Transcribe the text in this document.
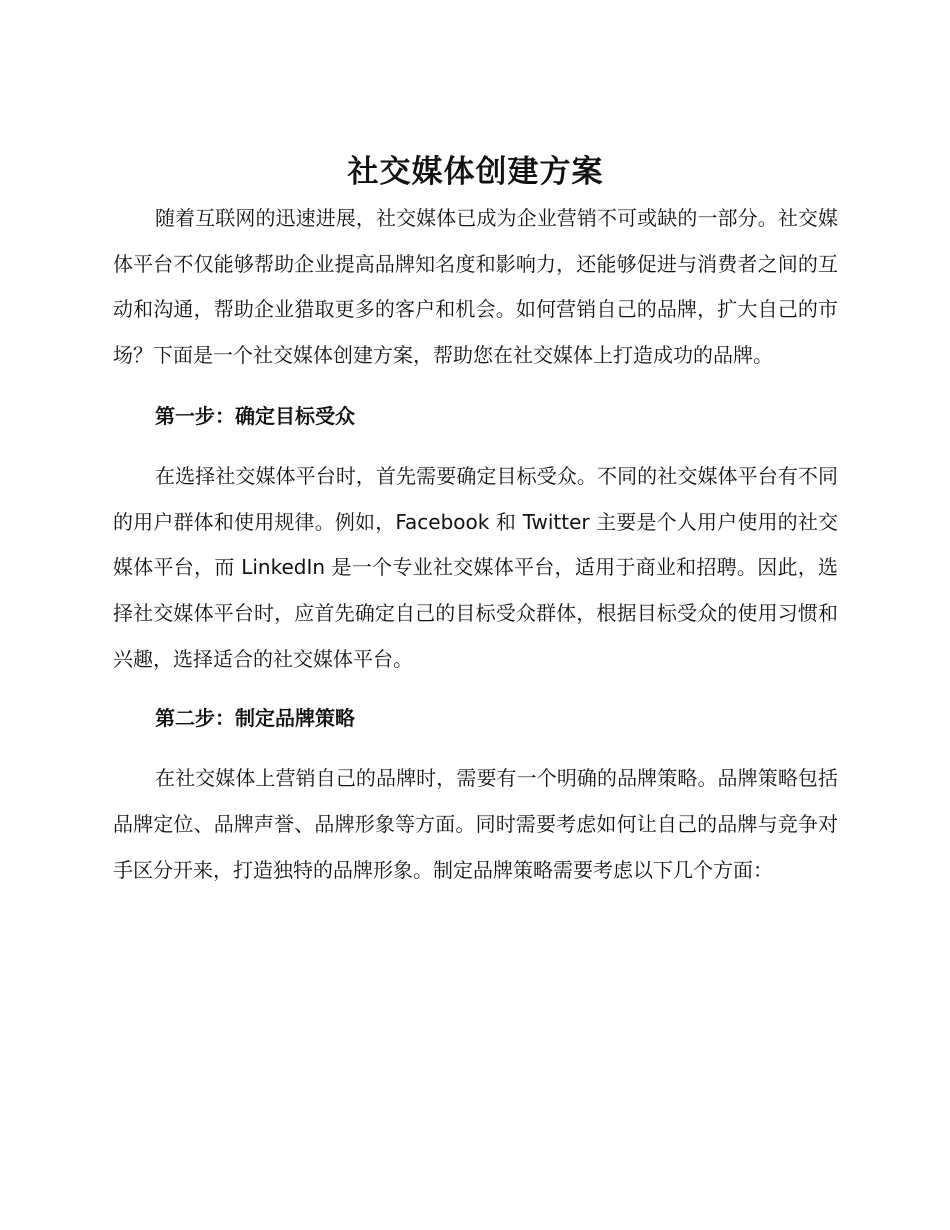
社交媒体创建方案

随着互联网的迅速进展，社交媒体已成为企业营销不可或缺的一部分。社交媒体平台不仅能够帮助企业提高品牌知名度和影响力，还能够促进与消费者之间的互动和沟通，帮助企业猎取更多的客户和机会。如何营销自己的品牌，扩大自己的市场？下面是一个社交媒体创建方案，帮助您在社交媒体上打造成功的品牌。

第一步：确定目标受众

在选择社交媒体平台时，首先需要确定目标受众。不同的社交媒体平台有不同的用户群体和使用规律。例如，Facebook 和 Twitter 主要是个人用户使用的社交媒体平台，而 LinkedIn 是一个专业社交媒体平台，适用于商业和招聘。因此，选择社交媒体平台时，应首先确定自己的目标受众群体，根据目标受众的使用习惯和兴趣，选择适合的社交媒体平台。

第二步：制定品牌策略

在社交媒体上营销自己的品牌时，需要有一个明确的品牌策略。品牌策略包括品牌定位、品牌声誉、品牌形象等方面。同时需要考虑如何让自己的品牌与竞争对手区分开来，打造独特的品牌形象。制定品牌策略需要考虑以下几个方面：
